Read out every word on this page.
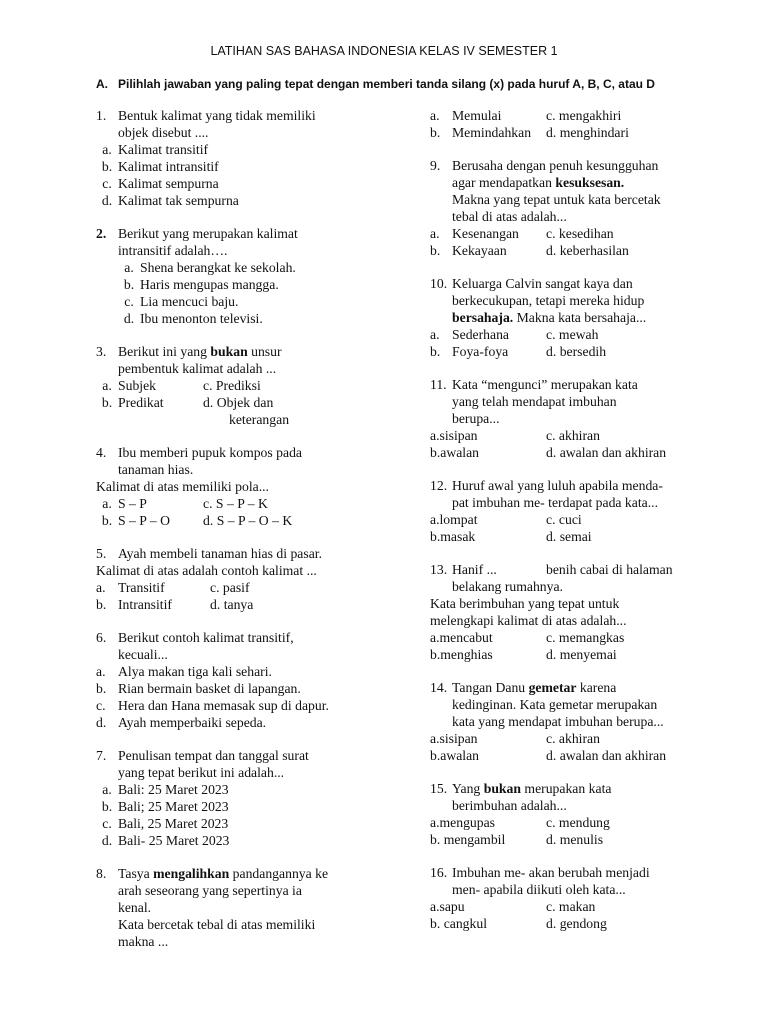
LATIHAN SAS BAHASA INDONESIA KELAS IV SEMESTER 1
A. Pilihlah jawaban yang paling tepat dengan memberi tanda silang (x) pada huruf A, B, C, atau D
1. Bentuk kalimat yang tidak memiliki
objek disebut ....
a. Kalimat transitif
b. Kalimat intransitif
c. Kalimat sempurna
d. Kalimat tak sempurna
2. Berikut yang merupakan kalimat
intransitif adalah….
a. Shena berangkat ke sekolah.
b. Haris mengupas mangga.
c. Lia mencuci baju.
d. Ibu menonton televisi.
3. Berikut ini yang bukan unsur
pembentuk kalimat adalah ...
a. Subjek	c. Prediksi
b. Predikat	d. Objek dan
keterangan
4. Ibu memberi pupuk kompos pada
tanaman hias.
Kalimat di atas memiliki pola...
a. S – P	c. S – P – K
b. S – P – O	d. S – P – O – K
5. Ayah membeli tanaman hias di pasar.
Kalimat di atas adalah contoh kalimat ...
a. Transitif	c. pasif
b. Intransitif	d. tanya
6. Berikut contoh kalimat transitif,
kecuali...
a. Alya makan tiga kali sehari.
b. Rian bermain basket di lapangan.
c. Hera dan Hana memasak sup di dapur.
d. Ayah memperbaiki sepeda.
7. Penulisan tempat dan tanggal surat
yang tepat berikut ini adalah...
a. Bali: 25 Maret 2023
b. Bali; 25 Maret 2023
c. Bali, 25 Maret 2023
d. Bali- 25 Maret 2023
8. Tasya mengalihkan pandangannya ke
arah seseorang yang sepertinya ia
kenal.
Kata bercetak tebal di atas memiliki
makna ...
a. Memulai	c. mengakhiri
b. Memindahkan	d. menghindari
9. Berusaha dengan penuh kesungguhan
agar mendapatkan kesuksesan.
Makna yang tepat untuk kata bercetak
tebal di atas adalah...
a. Kesenangan	c. kesedihan
b. Kekayaan	d. keberhasilan
10. Keluarga Calvin sangat kaya dan
berkecukupan, tetapi mereka hidup
bersahaja. Makna kata bersahaja...
a. Sederhana	c. mewah
b. Foya-foya	d. bersedih
11. Kata “mengunci” merupakan kata
yang telah mendapat imbuhan
berupa...
a.sisipan	c. akhiran
b.awalan	d. awalan dan akhiran
12. Huruf awal yang luluh apabila menda-
pat imbuhan me- terdapat pada kata...
a.lompat	c. cuci
b.masak	d. semai
13. Hanif ...	benih cabai di halaman
belakang rumahnya.
Kata berimbuhan yang tepat untuk
melengkapi kalimat di atas adalah...
a.mencabut	c. memangkas
b.menghias	d. menyemai
14. Tangan Danu gemetar karena
kedinginan. Kata gemetar merupakan
kata yang mendapat imbuhan berupa...
a.sisipan	c. akhiran
b.awalan	d. awalan dan akhiran
15. Yang bukan merupakan kata
berimbuhan adalah...
a.mengupas	c. mendung
b. mengambil	d. menulis
16. Imbuhan me- akan berubah menjadi
men- apabila diikuti oleh kata...
a.sapu	c. makan
b. cangkul	d. gendong
